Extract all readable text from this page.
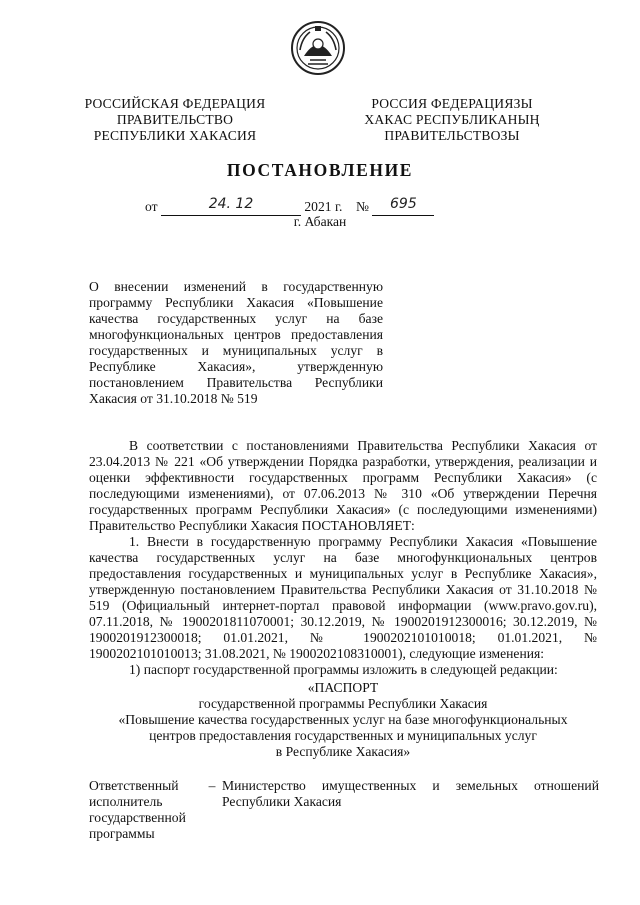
РОССИЙСКАЯ ФЕДЕРАЦИЯ
ПРАВИТЕЛЬСТВО
РЕСПУБЛИКИ ХАКАСИЯ
РОССИЯ ФЕДЕРАЦИЯЗЫ
ХАКАС РЕСПУБЛИКАНЫҢ
ПРАВИТЕЛЬСТВОЗЫ
ПОСТАНОВЛЕНИЕ
от	24. 12	2021 г. № 695
г. Абакан
О внесении изменений в государственную программу Республики Хакасия «Повышение качества государственных услуг на базе многофункциональных центров предоставления государственных и муниципальных услуг в Республике Хакасия», утвержденную постановлением Правительства Республики Хакасия от 31.10.2018 № 519

В соответствии с постановлениями Правительства Республики Хакасия от 23.04.2013 № 221 «Об утверждении Порядка разработки, утверждения, реализации и оценки эффективности государственных программ Республики Хакасия» (с последующими изменениями), от 07.06.2013 № 310 «Об утверждении Перечня государственных программ Республики Хакасия» (с последующими изменениями) Правительство Республики Хакасия ПОСТАНОВЛЯЕТ:

1. Внести в государственную программу Республики Хакасия «Повышение качества государственных услуг на базе многофункциональных центров предоставления государственных и муниципальных услуг в Республике Хакасия», утвержденную постановлением Правительства Республики Хакасия от 31.10.2018 № 519 (Официальный интернет-портал правовой информации (www.pravo.gov.ru), 07.11.2018, № 1900201811070001; 30.12.2019, № 1900201912300016; 30.12.2019, № 1900201912300018; 01.01.2021, № 1900202101010018; 01.01.2021, № 1900202101010013; 31.08.2021, № 1900202108310001), следующие изменения:

1) паспорт государственной программы изложить в следующей редакции:

«ПАСПОРТ

государственной программы Республики Хакасия

«Повышение качества государственных услуг на базе многофункциональных

центров предоставления государственных и муниципальных услуг

в Республике Хакасия»

Ответственный исполнитель государственной программы
– Министерство имущественных и земельных отношений Республики Хакасия
